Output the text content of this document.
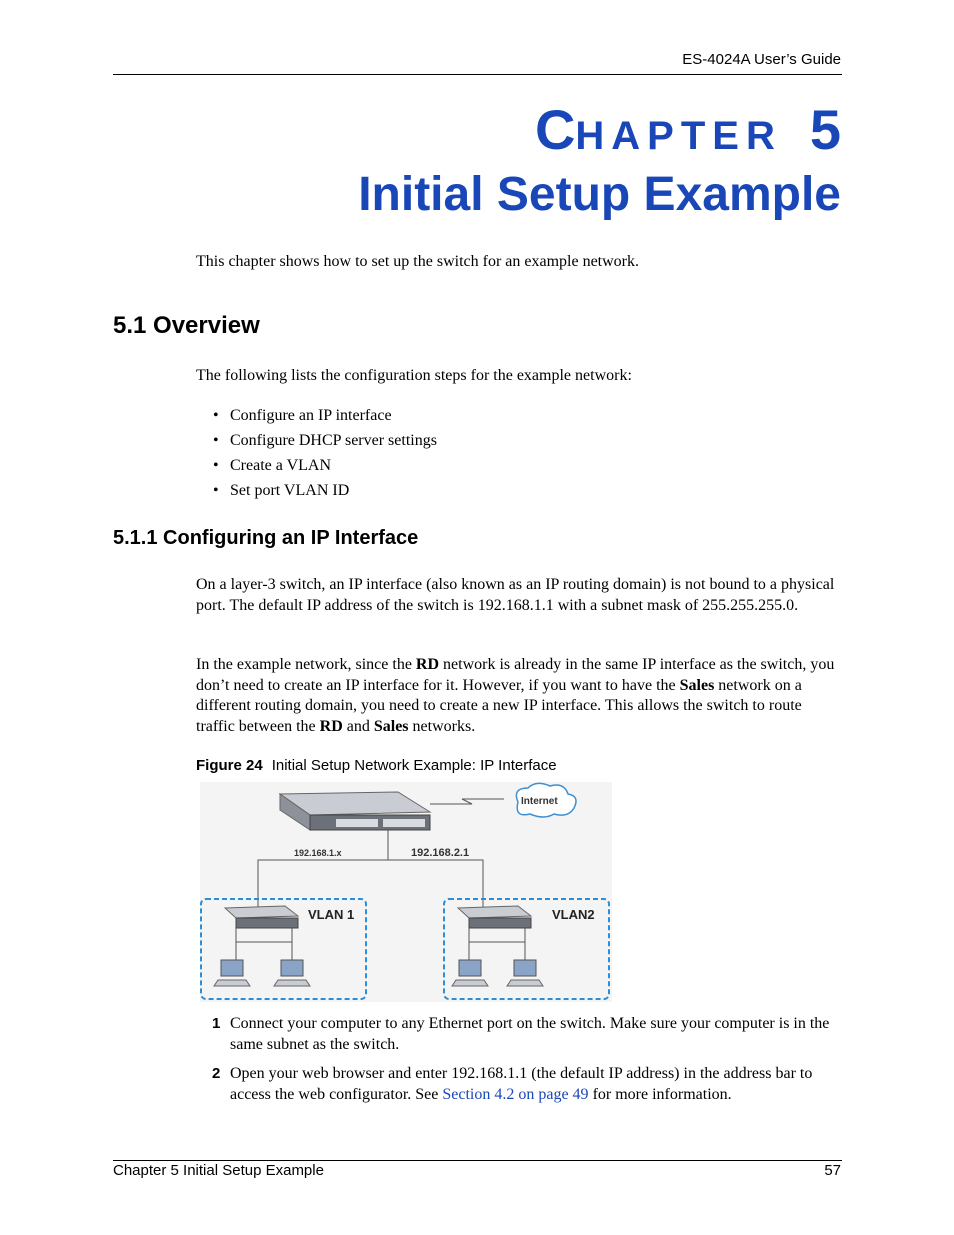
ES-4024A User’s Guide
CHAPTER 5
Initial Setup Example
This chapter shows how to set up the switch for an example network.
5.1 Overview
The following lists the configuration steps for the example network:
• Configure an IP interface
• Configure DHCP server settings
• Create a VLAN
• Set port VLAN ID
5.1.1 Configuring an IP Interface
On a layer-3 switch, an IP interface (also known as an IP routing domain) is not bound to a physical port. The default IP address of the switch is 192.168.1.1 with a subnet mask of 255.255.255.0.
In the example network, since the RD network is already in the same IP interface as the switch, you don’t need to create an IP interface for it. However, if you want to have the Sales network on a different routing domain, you need to create a new IP interface. This allows the switch to route traffic between the RD and Sales networks.
Figure 24 Initial Setup Network Example: IP Interface
Internet
192.168.1.x	192.168.2.1
VLAN 1	VLAN2
1 Connect your computer to any Ethernet port on the switch. Make sure your computer is in the same subnet as the switch.
2 Open your web browser and enter 192.168.1.1 (the default IP address) in the address bar to access the web configurator. See Section 4.2 on page 49 for more information.
Chapter 5 Initial Setup Example	57
